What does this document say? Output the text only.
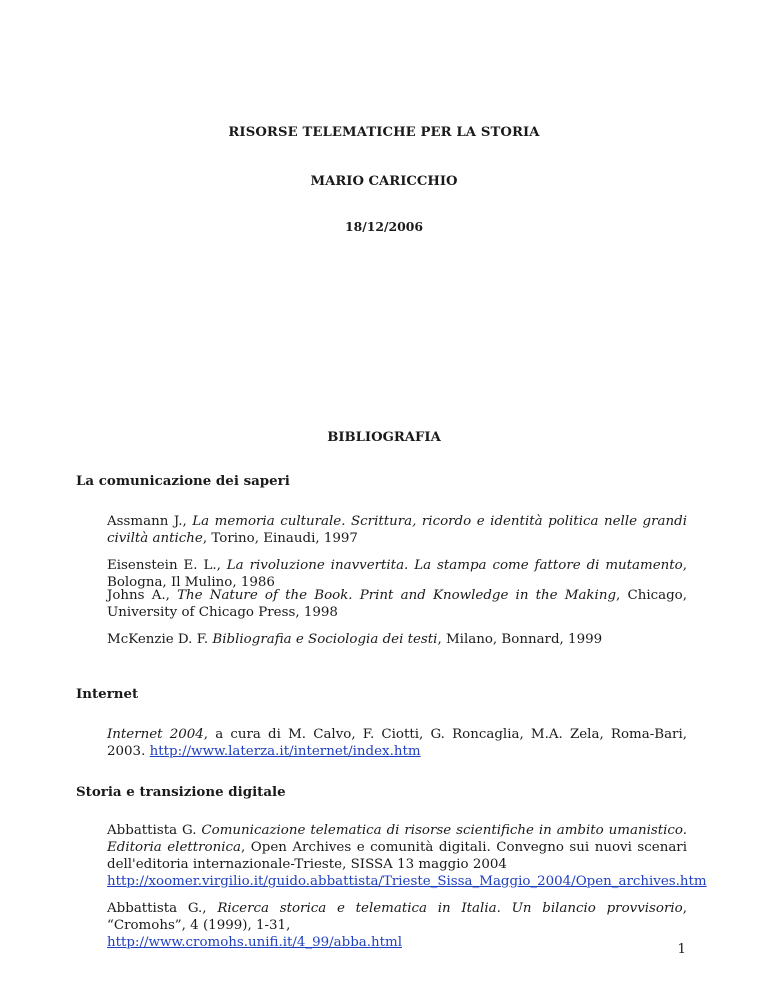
RISORSE TELEMATICHE PER LA STORIA
MARIO CARICCHIO
18/12/2006
BIBLIOGRAFIA
La comunicazione dei saperi
Assmann J., La memoria culturale. Scrittura, ricordo e identità politica nelle grandi civiltà antiche, Torino, Einaudi, 1997
Eisenstein E. L., La rivoluzione inavvertita. La stampa come fattore di mutamento, Bologna, Il Mulino, 1986
Johns A., The Nature of the Book. Print and Knowledge in the Making, Chicago, University of Chicago Press, 1998
McKenzie D. F. Bibliografia e Sociologia dei testi, Milano, Bonnard, 1999
Internet
Internet 2004, a cura di M. Calvo, F. Ciotti, G. Roncaglia, M.A. Zela, Roma-Bari, 2003. http://www.laterza.it/internet/index.htm
Storia e transizione digitale
Abbattista G. Comunicazione telematica di risorse scientifiche in ambito umanistico. Editoria elettronica, Open Archives e comunità digitali. Convegno sui nuovi scenari dell'editoria internazionale-Trieste, SISSA 13 maggio 2004
http://xoomer.virgilio.it/guido.abbattista/Trieste_Sissa_Maggio_2004/Open_archives.htm
Abbattista G., Ricerca storica e telematica in Italia. Un bilancio provvisorio, “Cromohs”, 4 (1999), 1-31,
http://www.cromohs.unifi.it/4_99/abba.html	1
